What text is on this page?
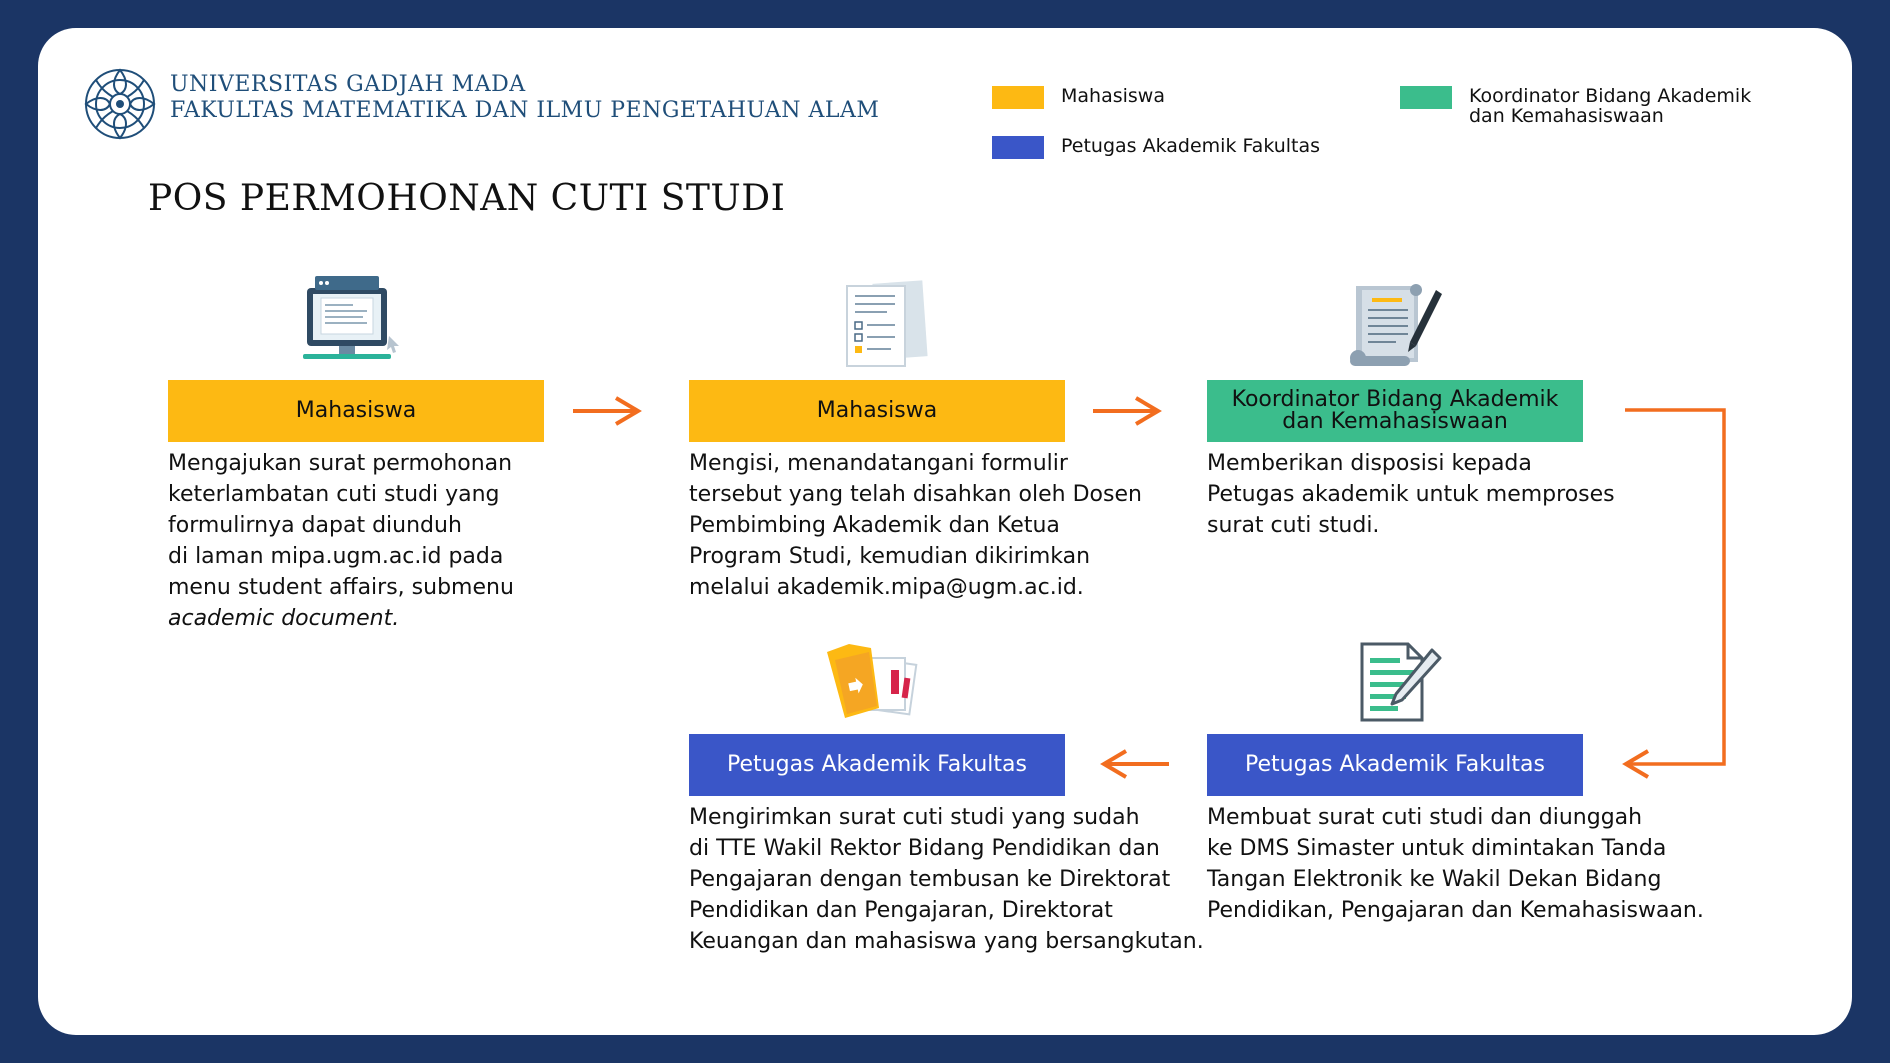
UNIVERSITAS GADJAH MADA
FAKULTAS MATEMATIKA DAN ILMU PENGETAHUAN ALAM
POS PERMOHONAN CUTI STUDI
Mahasiswa
Petugas Akademik Fakultas
Koordinator Bidang Akademik
dan Kemahasiswaan
Mahasiswa	Mahasiswa	Koordinator Bidang Akademik
dan Kemahasiswaan
Petugas Akademik Fakultas
Petugas Akademik Fakultas
Mengajukan surat permohonan
keterlambatan cuti studi yang
formulirnya dapat diunduh
di laman mipa.ugm.ac.id pada
menu student affairs, submenu
academic document.
Mengisi, menandatangani formulir
tersebut yang telah disahkan oleh Dosen
Pembimbing Akademik dan Ketua
Program Studi, kemudian dikirimkan
melalui akademik.mipa@ugm.ac.id.
Memberikan disposisi kepada
Petugas akademik untuk memproses
surat cuti studi.
Membuat surat cuti studi dan diunggah
ke DMS Simaster untuk dimintakan Tanda
Tangan Elektronik ke Wakil Dekan Bidang
Pendidikan, Pengajaran dan Kemahasiswaan.
Mengirimkan surat cuti studi yang sudah
di TTE Wakil Rektor Bidang Pendidikan dan
Pengajaran dengan tembusan ke Direktorat
Pendidikan dan Pengajaran, Direktorat
Keuangan dan mahasiswa yang bersangkutan.
